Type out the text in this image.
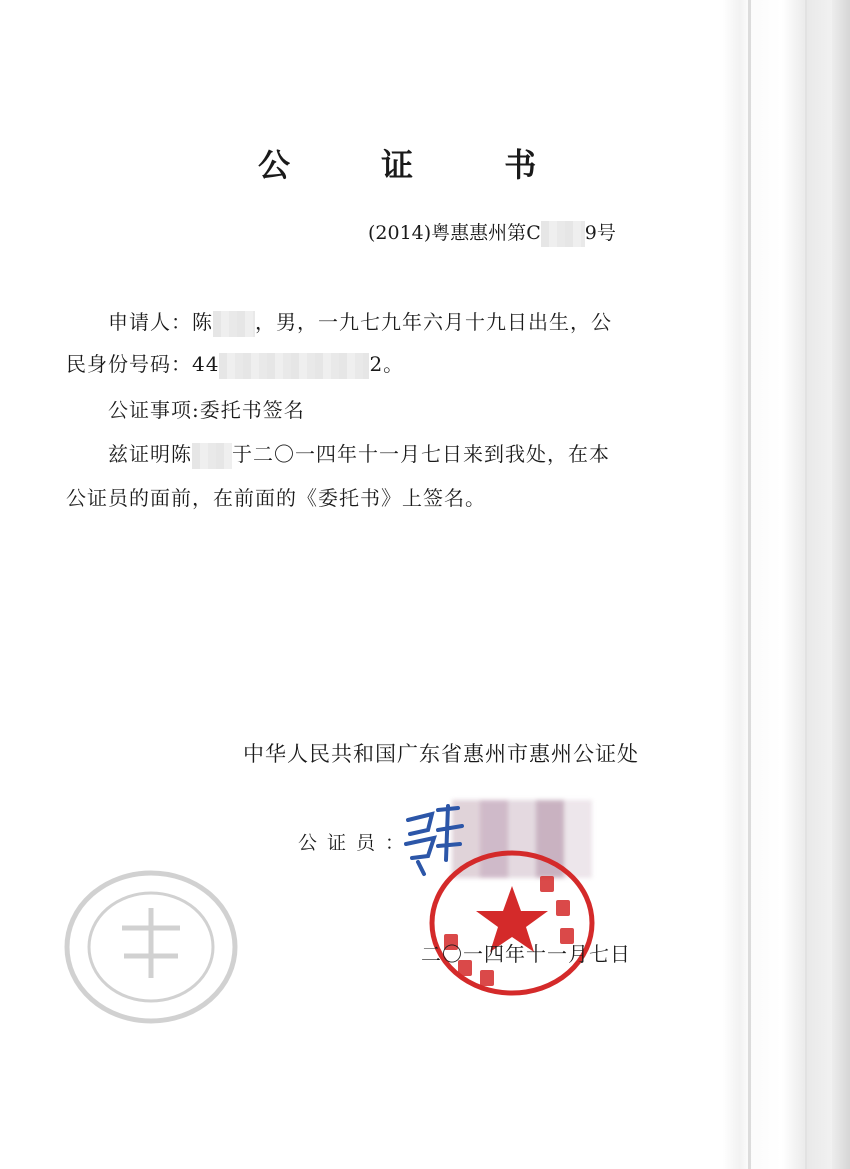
公 证 书
(2014)粤惠惠州第C 9号
申请人：陈 ，男，一九七九年六月十九日出生，公
民身份号码：44	2。
公证事项:委托书签名
兹证明陈 于二〇一四年十一月七日来到我处，在本
公证员的面前，在前面的《委托书》上签名。
中华人民共和国广东省惠州市惠州公证处
公证员：
二〇一四年十一月七日
